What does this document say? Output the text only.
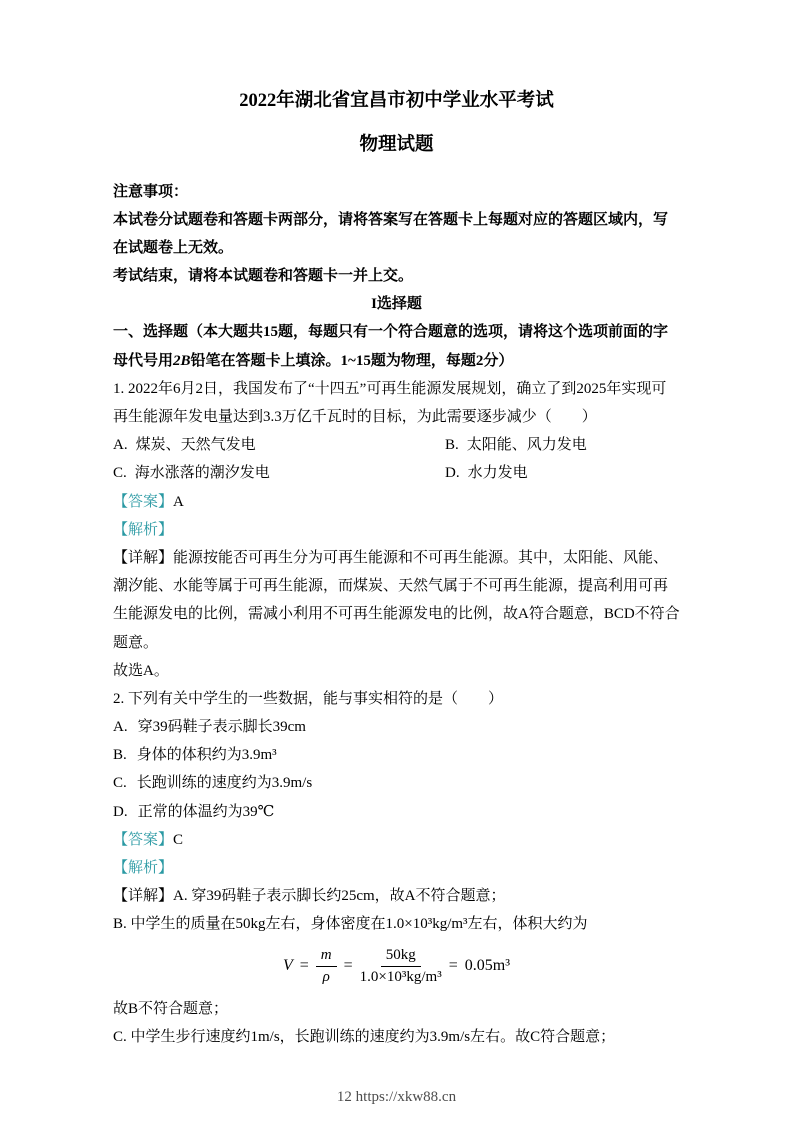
2022年湖北省宜昌市初中学业水平考试
物理试题

注意事项：

本试卷分试题卷和答题卡两部分，请将答案写在答题卡上每题对应的答题区域内，写在试题卷上无效。

考试结束，请将本试题卷和答题卡一并上交。

I选择题

一、选择题（本大题共15题，每题只有一个符合题意的选项，请将这个选项前面的字母代号用2B铅笔在答题卡上填涂。1~15题为物理，每题2分）

1. 2022年6月2日，我国发布了“十四五”可再生能源发展规划，确立了到2025年实现可再生能源年发电量达到3.3万亿千瓦时的目标，为此需要逐步减少（　　）

A. 煤炭、天然气发电	B. 太阳能、风力发电

C. 海水涨落的潮汐发电	D. 水力发电

【答案】A

【解析】

【详解】能源按能否可再生分为可再生能源和不可再生能源。其中，太阳能、风能、潮汐能、水能等属于可再生能源，而煤炭、天然气属于不可再生能源，提高利用可再生能源发电的比例，需减小利用不可再生能源发电的比例，故A符合题意，BCD不符合题意。

故选A。

2. 下列有关中学生的一些数据，能与事实相符的是（　　）

A. 穿39码鞋子表示脚长39cm

B. 身体的体积约为3.9m³

C. 长跑训练的速度约为3.9m/s

D. 正常的体温约为39℃

【答案】C

【解析】

【详解】A. 穿39码鞋子表示脚长约25cm，故A不符合题意；

B. 中学生的质量在50kg左右，身体密度在1.0×10³kg/m³左右，体积大约为

$V = \frac{m}{\rho} = \frac{50kg}{\text{1.0×10³kg/m³}} = 0.05m^3$

故B不符合题意；

C. 中学生步行速度约1m/s，长跑训练的速度约为3.9m/s左右。故C符合题意；

12 https://xkw88.cn
